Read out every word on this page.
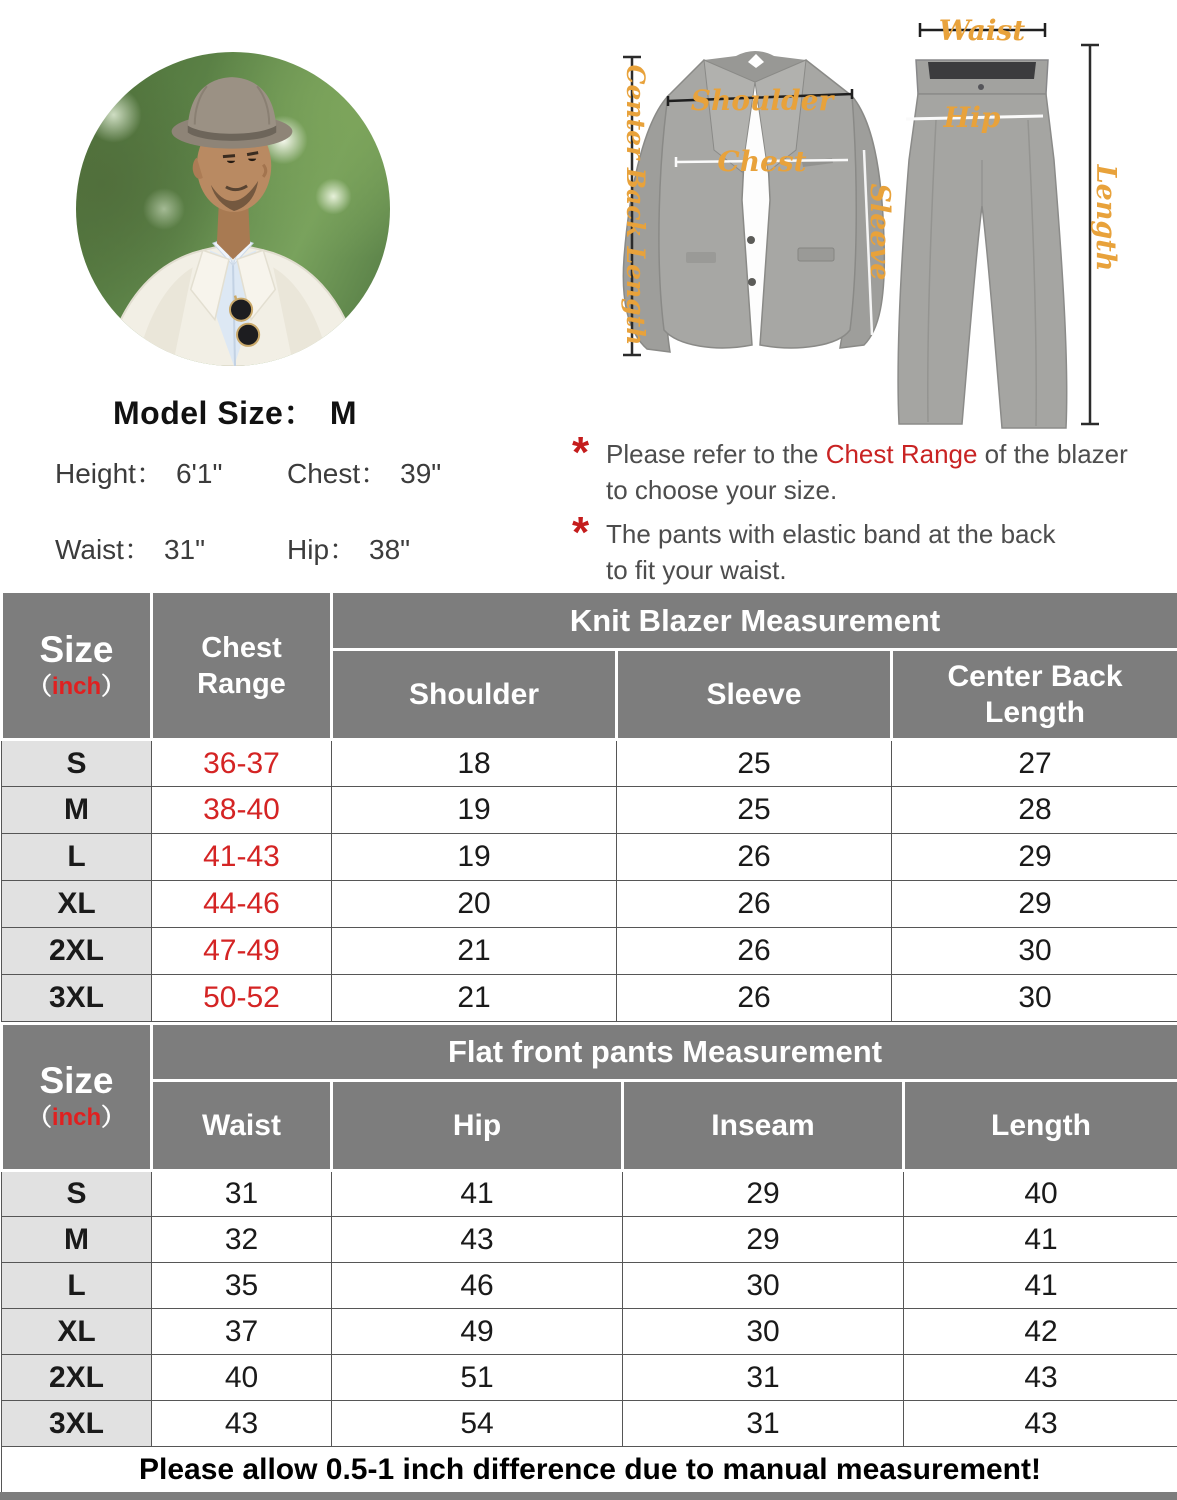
Model Size： M
Height： 6'1"	Chest： 39"
Waist： 31"	Hip： 38"
Shoulder
Chest
Sleeve
Center Back Length
Waist
Hip
Length
* Please refer to the Chest Range of the blazer
to choose your size.
* The pants with elastic band at the back
to fit your waist.
Size
（inch）	Chest Range	Knit Blazer Measurement		
		Shoulder	Sleeve	Center Back Length
S	36-37	18	25	27
M	38-40	19	25	28
L	41-43	19	26	29
XL	44-46	20	26	29
2XL	47-49	21	26	30
3XL	50-52	21	26	30
Size
（inch）	Flat front pants Measurement			
	Waist	Hip	Inseam	Length
S	31	41	29	40
M	32	43	29	41
L	35	46	30	41
XL	37	49	30	42
2XL	40	51	31	43
3XL	43	54	31	43
Please allow 0.5-1 inch difference due to manual measurement!				
